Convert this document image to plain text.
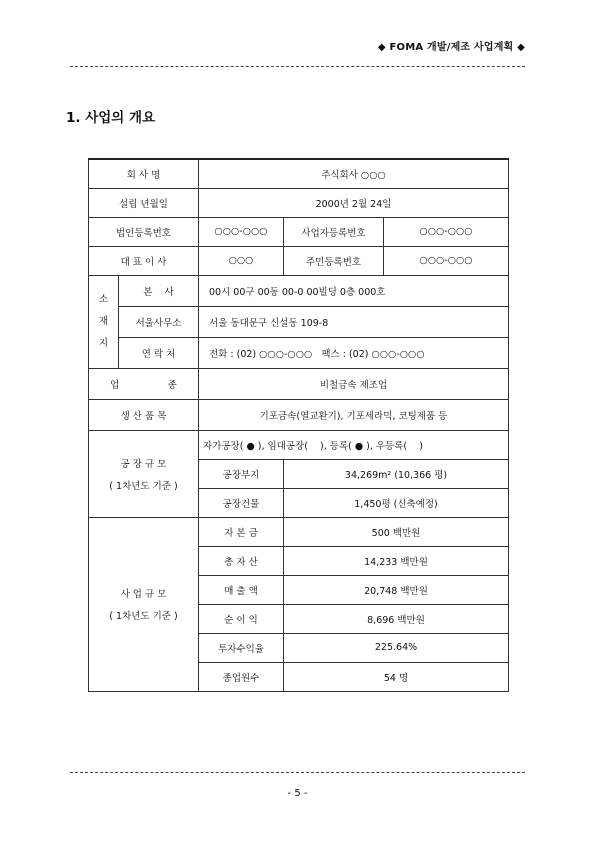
◆ FOMA 개발/제조 사업계획 ◆
1. 사업의 개요
회 사 명		주식회사 ○○○		
설립 년월일		2000년 2월 24일		
법인등록번호		○○○-○○○	사업자등록번호	○○○-○○○
대 표 이 사		○○○	주민등록번호	○○○-○○○

소
재
지	본    사	00시 00구 00동 00-0 00빌딩 0층 000호		
	서울사무소	서울 동대문구 신설동 109-8		
	연 락 처	전화 : (02) ○○○-○○○   팩스 : (02) ○○○-○○○		
업                종		비철금속 제조업		
생 산 품 목		기포금속(열교환기), 기포세라믹, 코팅제품 등		

공 장 규 모
( 1차년도 기준 )		자가공장( ● ), 임대공장(    ), 등록( ● ), 우등록(    )		
		공장부지	34,269m² (10,366 평)	
		공장건물	1,450평 (신축예정)	

사 업 규 모
( 1차년도 기준 )		자 본 금	500 백만원	
		총 자 산	14,233 백만원	
		매 출 액	20,748 백만원	
		순 이 익	8,696 백만원	
		투자수익율	225.64%	
		종업원수	54 명	
- 5 -
